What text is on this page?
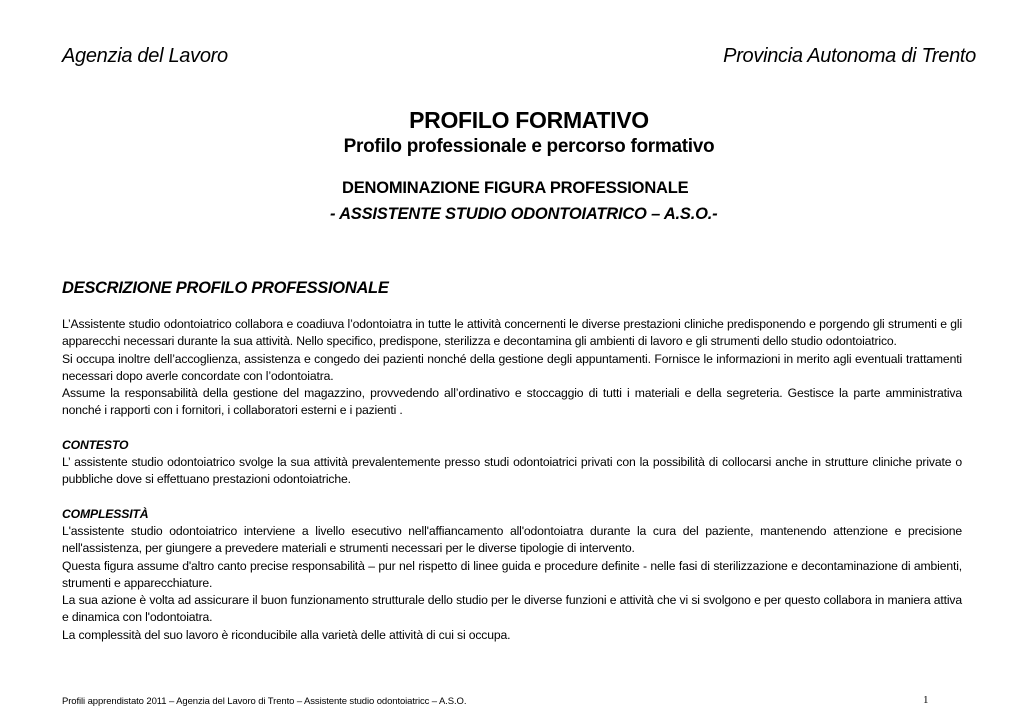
Agenzia del Lavoro	Provincia Autonoma di Trento
PROFILO FORMATIVO
Profilo professionale e percorso formativo
DENOMINAZIONE FIGURA PROFESSIONALE
- ASSISTENTE STUDIO ODONTOIATRICO – A.S.O.-
DESCRIZIONE PROFILO PROFESSIONALE

L’Assistente studio odontoiatrico collabora e coadiuva l’odontoiatra in tutte le attività concernenti le diverse prestazioni cliniche predisponendo e porgendo gli strumenti e gli apparecchi necessari durante la sua attività. Nello specifico, predispone, sterilizza e decontamina gli ambienti di lavoro e gli strumenti dello studio odontoiatrico.

Si occupa inoltre dell’accoglienza, assistenza e congedo dei pazienti nonché della gestione degli appuntamenti. Fornisce le informazioni in merito agli eventuali trattamenti necessari dopo averle concordate con l’odontoiatra.

Assume la responsabilità della gestione del magazzino, provvedendo all’ordinativo e stoccaggio di tutti i materiali e della segreteria. Gestisce la parte amministrativa nonché i rapporti con i fornitori, i collaboratori esterni e i pazienti .

CONTESTO

L’ assistente studio odontoiatrico svolge la sua attività prevalentemente presso studi odontoiatrici privati con la possibilità di collocarsi anche in strutture cliniche private o pubbliche dove si effettuano prestazioni odontoiatriche.

COMPLESSITÀ

L'assistente studio odontoiatrico interviene a livello esecutivo nell'affiancamento all'odontoiatra durante la cura del paziente, mantenendo attenzione e precisione nell'assistenza, per giungere a prevedere materiali e strumenti necessari per le diverse tipologie di intervento.

Questa figura assume d'altro canto precise responsabilità – pur nel rispetto di linee guida e procedure definite - nelle fasi di sterilizzazione e decontaminazione di ambienti, strumenti e apparecchiature.

La sua azione è volta ad assicurare il buon funzionamento strutturale dello studio per le diverse funzioni e attività che vi si svolgono e per questo collabora in maniera attiva e dinamica con l'odontoiatra.

La complessità del suo lavoro è riconducibile alla varietà delle attività di cui si occupa.

Profili apprendistato 2011 – Agenzia del Lavoro di Trento – Assistente studio odontoiatricc – A.S.O.	1
